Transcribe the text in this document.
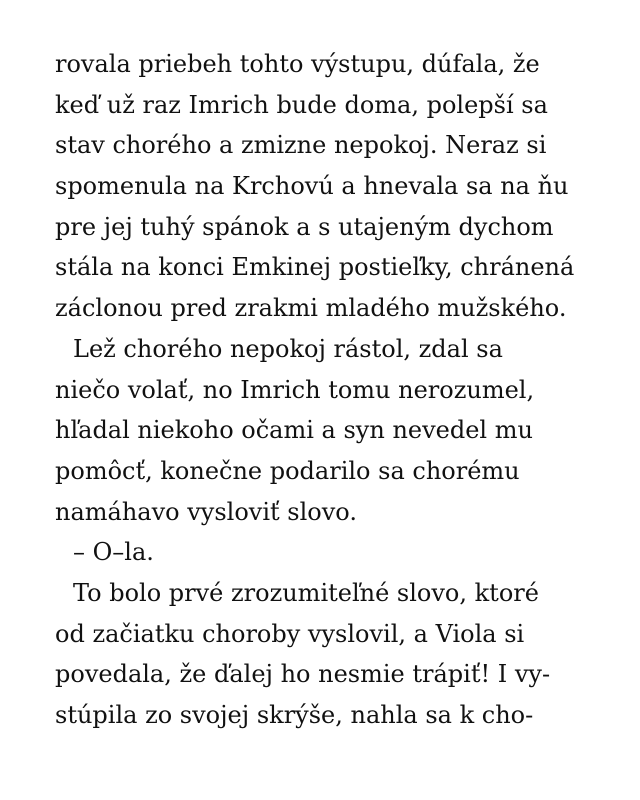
rovala priebeh tohto výstupu, dúfala, že
keď už raz Imrich bude doma, polepší sa
stav chorého a zmizne nepokoj. Neraz si
spomenula na Krchovú a hnevala sa na ňu
pre jej tuhý spánok a s utajeným dychom
stála na konci Emkinej postieľky, chránená
záclonou pred zrakmi mladého mužského.
Lež chorého nepokoj rástol, zdal sa
niečo volať, no Imrich tomu nerozumel,
hľadal niekoho očami a syn nevedel mu
pomôcť, konečne podarilo sa chorému
namáhavo vysloviť slovo.
– O–la.
To bolo prvé zrozumiteľné slovo, ktoré
od začiatku choroby vyslovil, a Viola si
povedala, že ďalej ho nesmie trápiť! I vy-
stúpila zo svojej skrýše, nahla sa k cho-
